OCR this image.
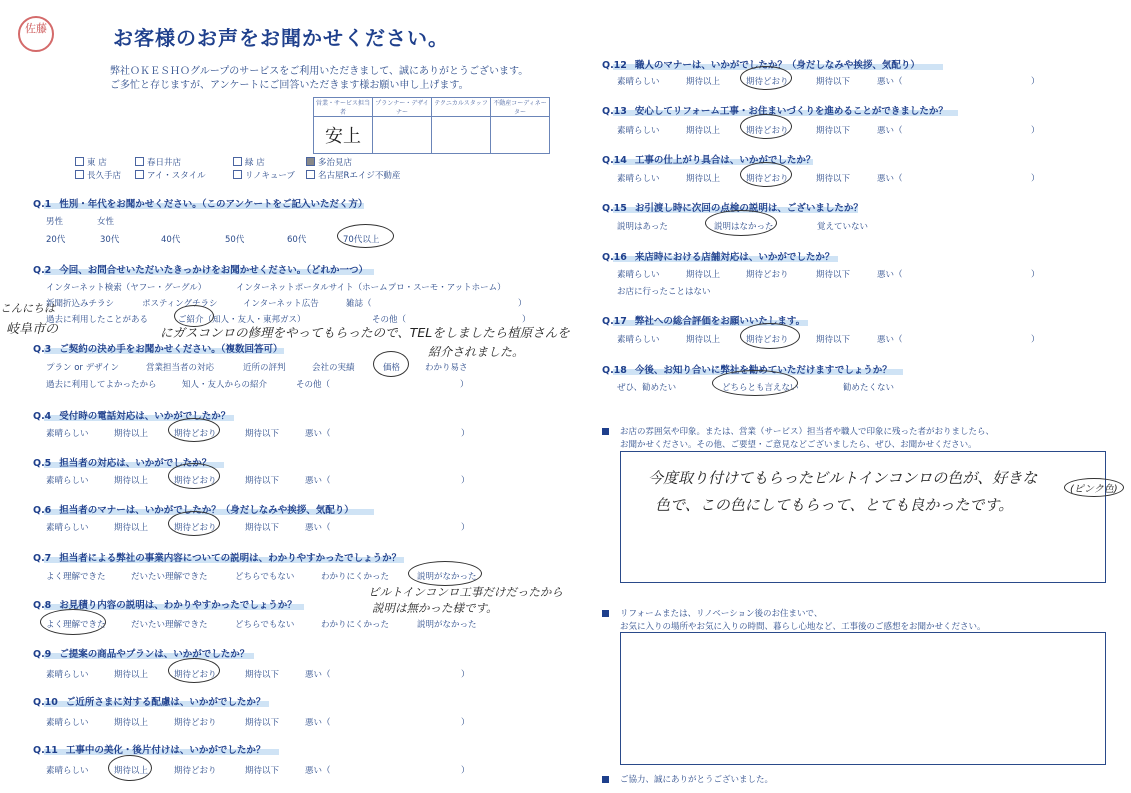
佐藤	お客様のお声をお聞かせください。
弊社ＯＫＥＳＨＯグループのサービスをご利用いただきまして、誠にありがとうございます。
ご多忙と存じますが、アンケートにご回答いただきます様お願い申し上げます。
営業・サービス担当者	プランナー・デザイナー	テクニカルスタッフ	不動産コーディネーター
安上			
東 店	春日井店	緑 店	多治見店
長久手店	アイ・スタイル	リノキューブ	名古屋Rエイジ不動産
Q.1 性別・年代をお聞かせください。（このアンケートをご記入いただく方）
男性	女性
20代	30代	40代	50代	60代	70代以上
Q.2 今回、お問合せいただいたきっかけをお聞かせください。（どれか一つ）
インターネット検索（ヤフー・グーグル）	インターネットポータルサイト（ホームプロ・スーモ・アットホーム）
新聞折込みチラシ	ポスティングチラシ	インターネット広告	雑誌（	）
過去に利用したことがある	ご紹介（知人・友人・東邦ガス）	その他（	）
こんにちは
岐阜市の	にガスコンロの修理をやってもらったので、TELをしましたら植原さんを
紹介されました。
Q.3 ご契約の決め手をお聞かせください。（複数回答可）
プラン or デザイン	営業担当者の対応	近所の評判	会社の実績	価格	わかり易さ
過去に利用してよかったから	知人・友人からの紹介	その他（	）
Q.4 受付時の電話対応は、いかがでしたか？
素晴らしい	期待以上	期待どおり	期待以下	悪い（	）
Q.5 担当者の対応は、いかがでしたか？
素晴らしい	期待以上	期待どおり	期待以下	悪い（	）
Q.6 担当者のマナーは、いかがでしたか？（身だしなみや挨拶、気配り）
素晴らしい	期待以上	期待どおり	期待以下	悪い（	）
Q.7 担当者による弊社の事業内容についての説明は、わかりやすかったでしょうか？
よく理解できた	だいたい理解できた	どちらでもない	わかりにくかった	説明がなかった
Q.8 お見積り内容の説明は、わかりやすかったでしょうか？
よく理解できた	だいたい理解できた	どちらでもない	わかりにくかった	説明がなかった
ビルトインコンロ工事だけだったから
説明は無かった様です。
Q.9 ご提案の商品やプランは、いかがでしたか？
素晴らしい	期待以上	期待どおり	期待以下	悪い（	）
Q.10 ご近所さまに対する配慮は、いかがでしたか？
素晴らしい	期待以上	期待どおり	期待以下	悪い（	）
Q.11 工事中の美化・後片付けは、いかがでしたか？
素晴らしい	期待以上	期待どおり	期待以下	悪い（	）
Q.12 職人のマナーは、いかがでしたか？（身だしなみや挨拶、気配り）
素晴らしい	期待以上	期待どおり	期待以下	悪い（	）
Q.13 安心してリフォーム工事・お住まいづくりを進めることができましたか？
素晴らしい	期待以上	期待どおり	期待以下	悪い（	）
Q.14 工事の仕上がり具合は、いかがでしたか？
素晴らしい	期待以上	期待どおり	期待以下	悪い（	）
Q.15 お引渡し時に次回の点検の説明は、ございましたか？
説明はあった	説明はなかった	覚えていない
Q.16 来店時における店舗対応は、いかがでしたか？
素晴らしい	期待以上	期待どおり	期待以下	悪い（	）
お店に行ったことはない
Q.17 弊社への総合評価をお願いいたします。
素晴らしい	期待以上	期待どおり	期待以下	悪い（	）
Q.18 今後、お知り合いに弊社を勧めていただけますでしょうか？
ぜひ、勧めたい	どちらとも言えない	勧めたくない
お店の雰囲気や印象。または、営業（サービス）担当者や職人で印象に残った者がおりましたら、
お聞かせください。その他、ご要望・ご意見などございましたら、ぜひ、お聞かせください。
今度取り付けてもらったビルトインコンロの色が、好きな
(ピンク色)
色で、この色にしてもらって、とても良かったです。
リフォームまたは、リノベーション後のお住まいで、
お気に入りの場所やお気に入りの時間、暮らし心地など、工事後のご感想をお聞かせください。
ご協力、誠にありがとうございました。
